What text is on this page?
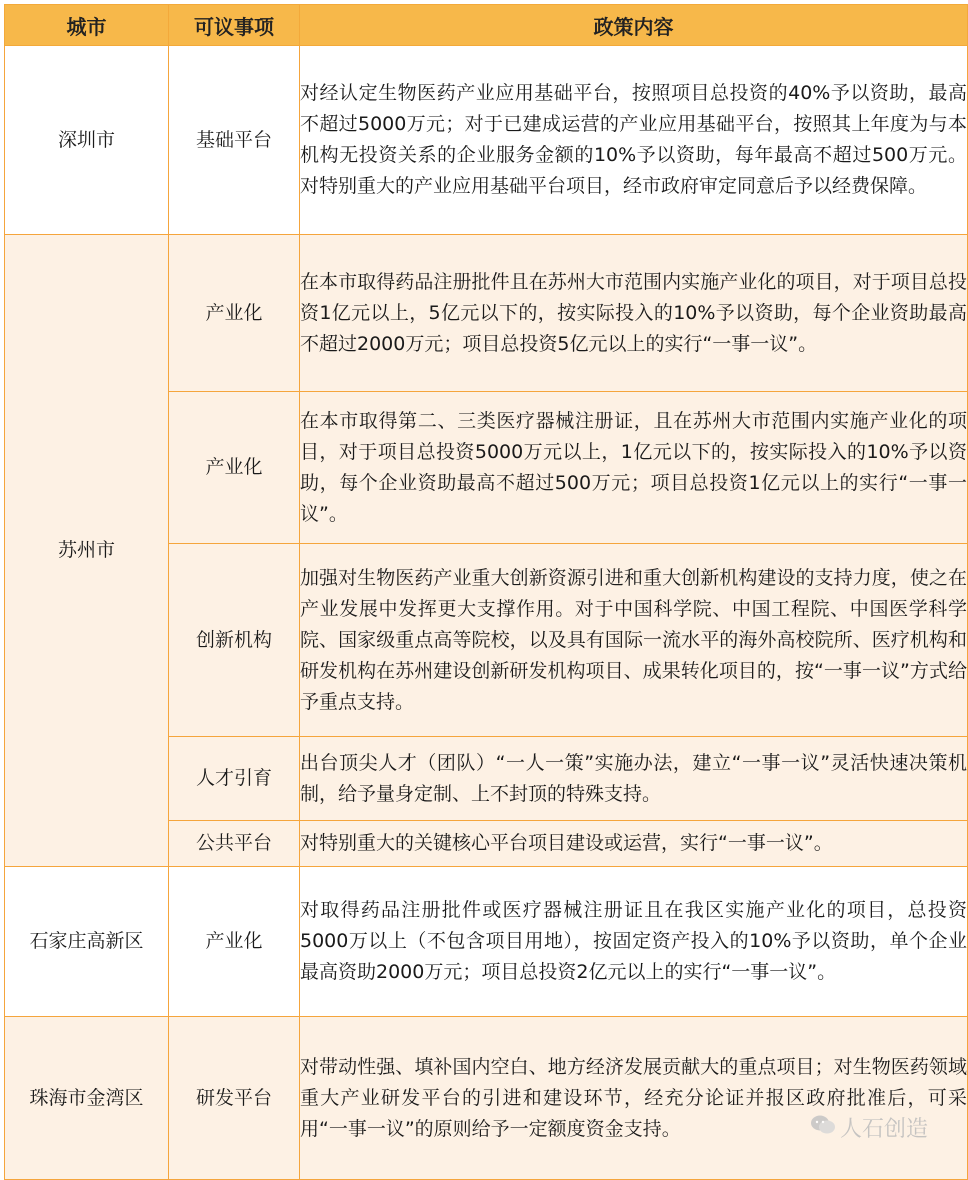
城市	可议事项	政策内容
深圳市	基础平台	对经认定生物医药产业应用基础平台，按照项目总投资的40%予以资助，最高不超过5000万元；对于已建成运营的产业应用基础平台，按照其上年度为与本机构无投资关系的企业服务金额的10%予以资助，每年最高不超过500万元。对特别重大的产业应用基础平台项目，经市政府审定同意后予以经费保障。
苏州市	产业化	在本市取得药品注册批件且在苏州大市范围内实施产业化的项目，对于项目总投资1亿元以上，5亿元以下的，按实际投入的10%予以资助，每个企业资助最高不超过2000万元；项目总投资5亿元以上的实行“一事一议”。
	产业化	在本市取得第二、三类医疗器械注册证，且在苏州大市范围内实施产业化的项目，对于项目总投资5000万元以上，1亿元以下的，按实际投入的10%予以资助，每个企业资助最高不超过500万元；项目总投资1亿元以上的实行“一事一议”。
	创新机构	加强对生物医药产业重大创新资源引进和重大创新机构建设的支持力度，使之在产业发展中发挥更大支撑作用。对于中国科学院、中国工程院、中国医学科学院、国家级重点高等院校，以及具有国际一流水平的海外高校院所、医疗机构和研发机构在苏州建设创新研发机构项目、成果转化项目的，按“一事一议”方式给予重点支持。
	人才引育	出台顶尖人才（团队）“一人一策”实施办法，建立“一事一议”灵活快速决策机制，给予量身定制、上不封顶的特殊支持。
	公共平台	对特别重大的关键核心平台项目建设或运营，实行“一事一议”。
石家庄高新区	产业化	对取得药品注册批件或医疗器械注册证且在我区实施产业化的项目，总投资5000万以上（不包含项目用地），按固定资产投入的10%予以资助，单个企业最高资助2000万元；项目总投资2亿元以上的实行“一事一议”。
珠海市金湾区	研发平台	对带动性强、填补国内空白、地方经济发展贡献大的重点项目；对生物医药领域重大产业研发平台的引进和建设环节，经充分论证并报区政府批准后，可采用“一事一议”的原则给予一定额度资金支持。	人石创造
